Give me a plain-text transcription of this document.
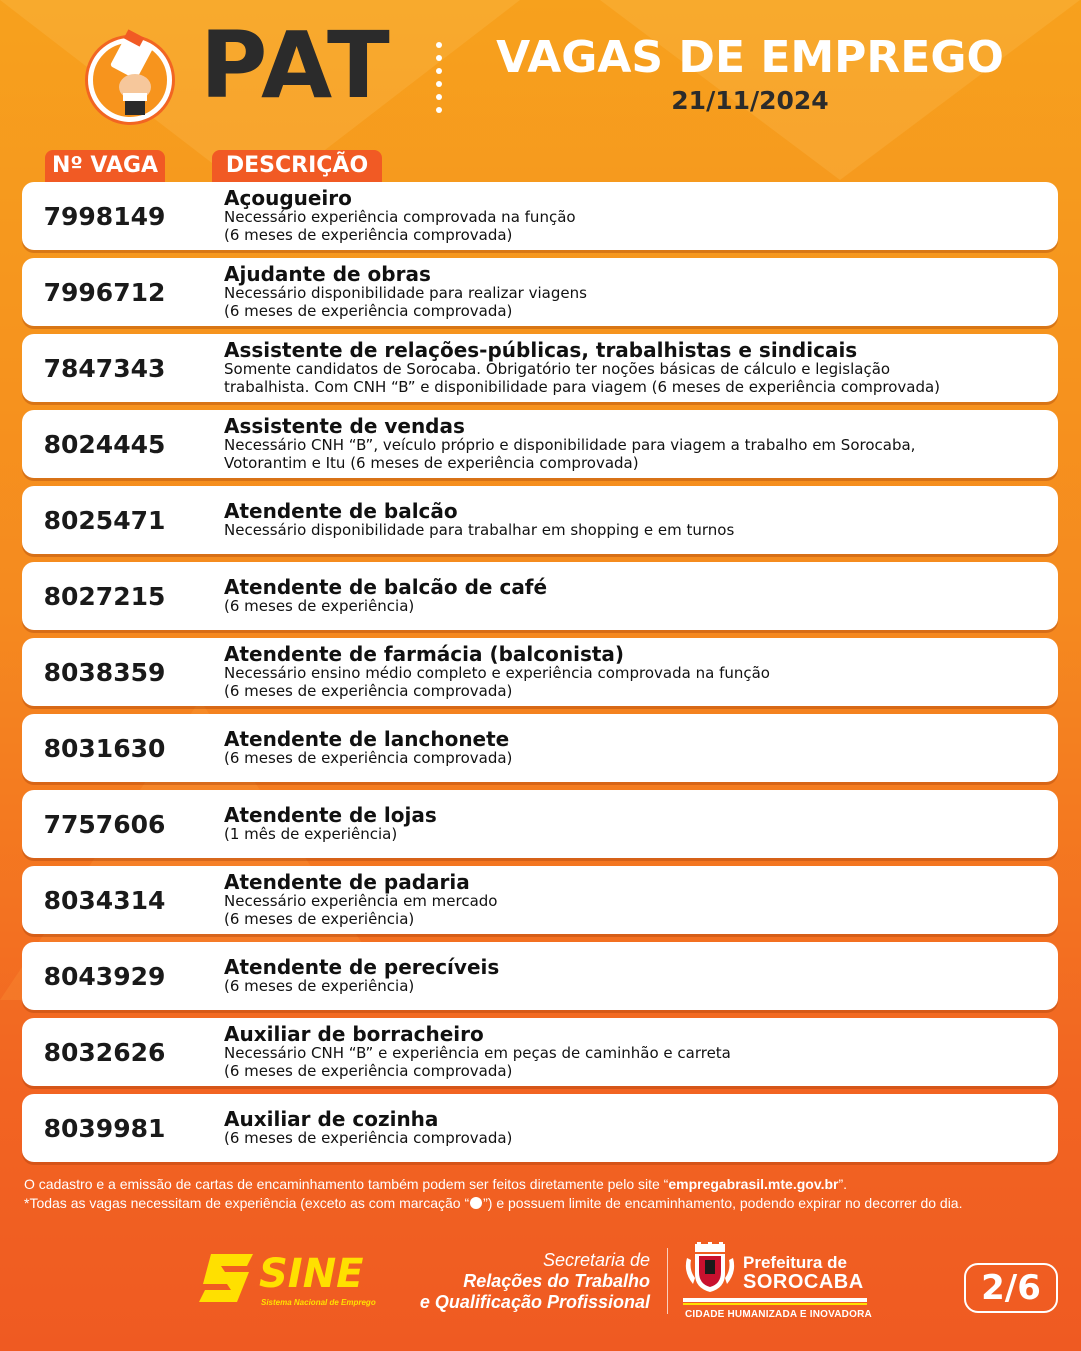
PAT	VAGAS DE EMPREGO
21/11/2024
Nº VAGA	DESCRIÇÃO
7998149
Açougueiro
Necessário experiência comprovada na função
(6 meses de experiência comprovada)
7996712
Ajudante de obras
Necessário disponibilidade para realizar viagens
(6 meses de experiência comprovada)
7847343
Assistente de relações-públicas, trabalhistas e sindicais
Somente candidatos de Sorocaba. Obrigatório ter noções básicas de cálculo e legislação
trabalhista. Com CNH “B” e disponibilidade para viagem (6 meses de experiência comprovada)
8024445
Assistente de vendas
Necessário CNH “B”, veículo próprio e disponibilidade para viagem a trabalho em Sorocaba,
Votorantim e Itu (6 meses de experiência comprovada)
8025471	Atendente de balcão
Necessário disponibilidade para trabalhar em shopping e em turnos
8027215	Atendente de balcão de café
(6 meses de experiência)
8038359
Atendente de farmácia (balconista)
Necessário ensino médio completo e experiência comprovada na função
(6 meses de experiência comprovada)
8031630	Atendente de lanchonete
(6 meses de experiência comprovada)
7757606	Atendente de lojas
(1 mês de experiência)
8034314
Atendente de padaria
Necessário experiência em mercado
(6 meses de experiência)
8043929	Atendente de perecíveis
(6 meses de experiência)
8032626
Auxiliar de borracheiro
Necessário CNH “B” e experiência em peças de caminhão e carreta
(6 meses de experiência comprovada)
8039981	Auxiliar de cozinha
(6 meses de experiência comprovada)
O cadastro e a emissão de cartas de encaminhamento também podem ser feitos diretamente pelo site “empregabrasil.mte.gov.br”.
*Todas as vagas necessitam de experiência (exceto as com marcação “ ”) e possuem limite de encaminhamento, podendo expirar no decorrer do dia.
SINE
Sistema Nacional de Emprego
Secretaria de
Relações do Trabalho
e Qualificação Profissional
Prefeitura de
SOROCABA
CIDADE HUMANIZADA E INOVADORA
2/6
